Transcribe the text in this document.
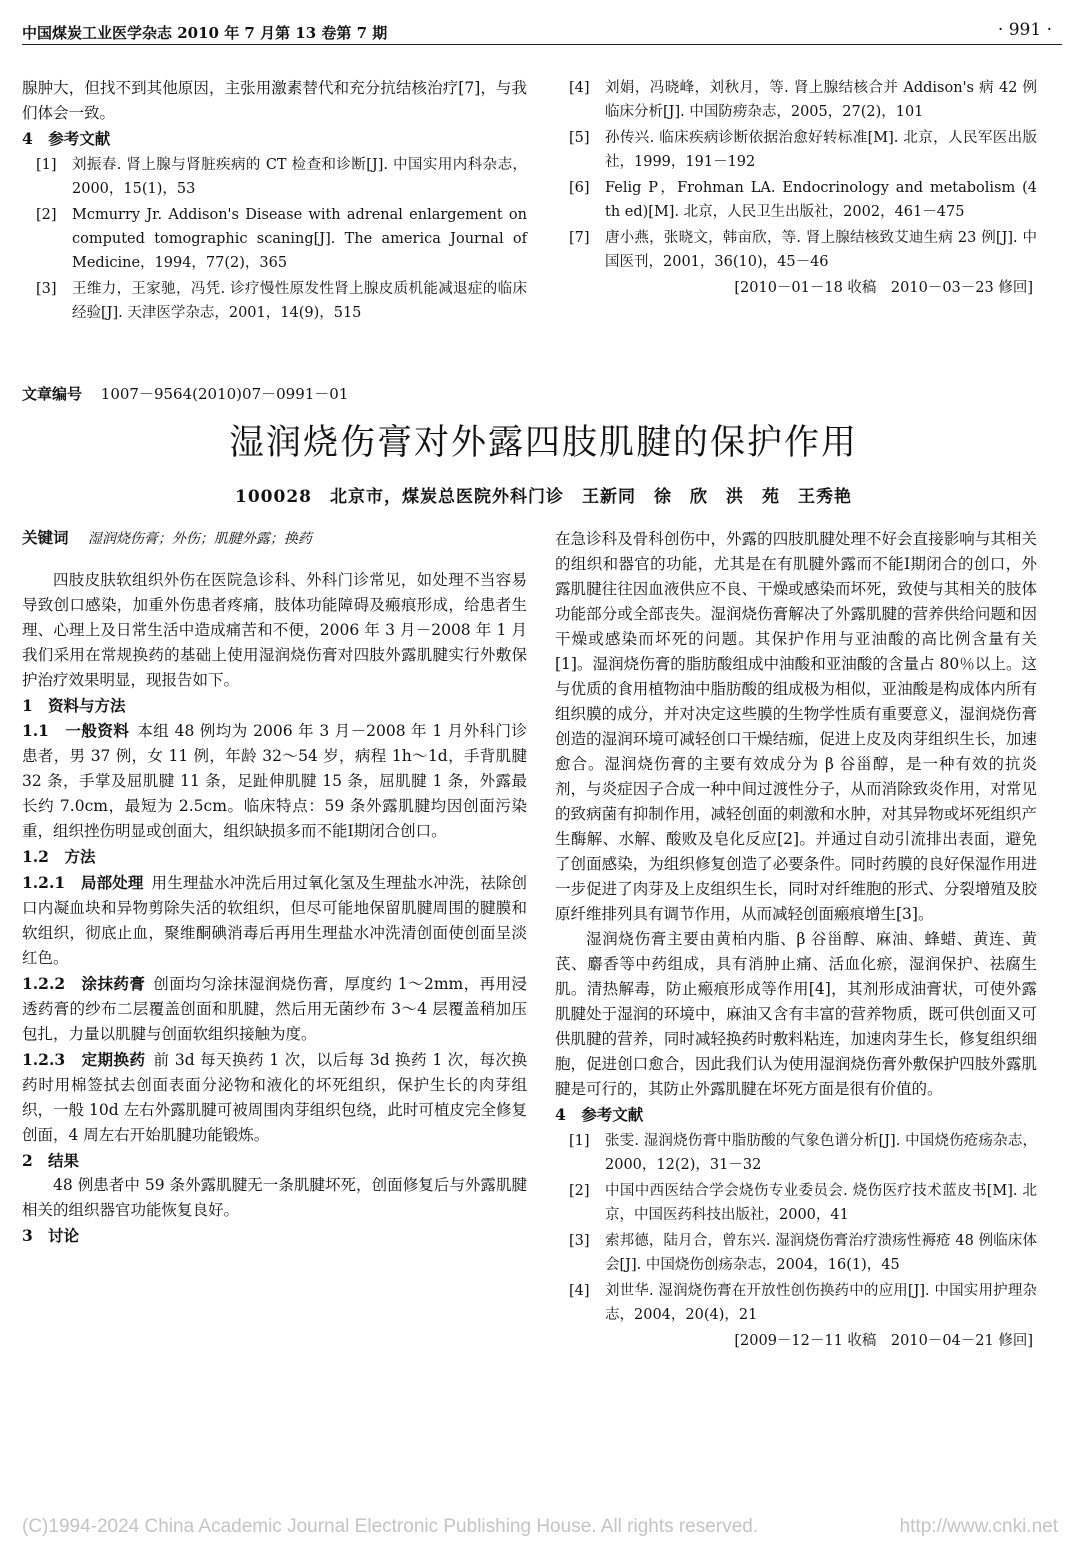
中国煤炭工业医学杂志 2010 年 7 月第 13 卷第 7 期	· 991 ·

腺肿大，但找不到其他原因，主张用激素替代和充分抗结核治疗[7]，与我们体会一致。

4　参考文献

[1]	刘振春. 肾上腺与肾脏疾病的 CT 检查和诊断[J]. 中国实用内科杂志，2000，15(1)，53
[2]	Mcmurry Jr. Addison's Disease with adrenal enlargement on computed tomographic scaning[J]. The america Journal of Medicine，1994，77(2)，365
[3]	王维力，王家驰，冯凭. 诊疗慢性原发性肾上腺皮质机能减退症的临床经验[J]. 天津医学杂志，2001，14(9)，515
[4]	刘娟，冯晓峰，刘秋月，等. 肾上腺结核合并 Addison's 病 42 例临床分析[J]. 中国防痨杂志，2005，27(2)，101
[5]	孙传兴. 临床疾病诊断依据治愈好转标准[M]. 北京，人民军医出版社，1999，191－192
[6]	Felig P，Frohman LA. Endocrinology and metabolism (4 th ed)[M]. 北京，人民卫生出版社，2002，461－475
[7]	唐小燕，张晓文，韩亩欣，等. 肾上腺结核致艾迪生病 23 例[J]. 中国医刊，2001，36(10)，45－46
[2010－01－18 收稿　2010－03－23 修回]
文章编号 1007－9564(2010)07－0991－01
湿润烧伤膏对外露四肢肌腱的保护作用
100028　北京市，煤炭总医院外科门诊　王新同　徐　欣　洪　苑　王秀艳

关键词 湿润烧伤膏；外伤；肌腱外露；换药

四肢皮肤软组织外伤在医院急诊科、外科门诊常见，如处理不当容易导致创口感染，加重外伤患者疼痛，肢体功能障碍及瘢痕形成，给患者生理、心理上及日常生活中造成痛苦和不便，2006 年 3 月－2008 年 1 月我们采用在常规换药的基础上使用湿润烧伤膏对四肢外露肌腱实行外敷保护治疗效果明显，现报告如下。

1 资料与方法

1.1　一般资料 本组 48 例均为 2006 年 3 月－2008 年 1 月外科门诊患者，男 37 例，女 11 例，年龄 32～54 岁，病程 1h～1d，手背肌腱 32 条，手掌及屈肌腱 11 条，足趾伸肌腱 15 条，屈肌腱 1 条，外露最长约 7.0cm，最短为 2.5cm。临床特点：59 条外露肌腱均因创面污染重，组织挫伤明显或创面大，组织缺损多而不能Ⅰ期闭合创口。

1.2　方法

1.2.1　局部处理 用生理盐水冲洗后用过氧化氢及生理盐水冲洗，祛除创口内凝血块和异物剪除失活的软组织，但尽可能地保留肌腱周围的腱膜和软组织，彻底止血，聚维酮碘消毒后再用生理盐水冲洗清创面使创面呈淡红色。

1.2.2　涂抹药膏 创面均匀涂抹湿润烧伤膏，厚度约 1～2mm，再用浸透药膏的纱布二层覆盖创面和肌腱，然后用无菌纱布 3～4 层覆盖稍加压包扎，力量以肌腱与创面软组织接触为度。

1.2.3　定期换药 前 3d 每天换药 1 次，以后每 3d 换药 1 次，每次换药时用棉签拭去创面表面分泌物和液化的坏死组织，保护生长的肉芽组织，一般 10d 左右外露肌腱可被周围肉芽组织包绕，此时可植皮完全修复创面，4 周左右开始肌腱功能锻炼。

2 结果

48 例患者中 59 条外露肌腱无一条肌腱坏死，创面修复后与外露肌腱相关的组织器官功能恢复良好。

3 讨论

在急诊科及骨科创伤中，外露的四肢肌腱处理不好会直接影响与其相关的组织和器官的功能，尤其是在有肌腱外露而不能Ⅰ期闭合的创口，外露肌腱往往因血液供应不良、干燥或感染而坏死，致使与其相关的肢体功能部分或全部丧失。湿润烧伤膏解决了外露肌腱的营养供给问题和因干燥或感染而坏死的问题。其保护作用与亚油酸的高比例含量有关[1]。湿润烧伤膏的脂肪酸组成中油酸和亚油酸的含量占 80％以上。这与优质的食用植物油中脂肪酸的组成极为相似，亚油酸是构成体内所有组织膜的成分，并对决定这些膜的生物学性质有重要意义，湿润烧伤膏创造的湿润环境可减轻创口干燥结痂，促进上皮及肉芽组织生长，加速愈合。湿润烧伤膏的主要有效成分为 β 谷甾醇，是一种有效的抗炎剂，与炎症因子合成一种中间过渡性分子，从而消除致炎作用，对常见的致病菌有抑制作用，减轻创面的刺激和水肿，对其异物或坏死组织产生酶解、水解、酸败及皂化反应[2]。并通过自动引流排出表面，避免了创面感染，为组织修复创造了必要条件。同时药膜的良好保湿作用进一步促进了肉芽及上皮组织生长，同时对纤维胞的形式、分裂增殖及胶原纤维排列具有调节作用，从而减轻创面瘢痕增生[3]。

湿润烧伤膏主要由黄柏内脂、β 谷甾醇、麻油、蜂蜡、黄连、黄芪、麝香等中药组成，具有消肿止痛、活血化瘀，湿润保护、祛腐生肌。清热解毒，防止瘢痕形成等作用[4]，其剂形成油膏状，可使外露肌腱处于湿润的环境中，麻油又含有丰富的营养物质，既可供创面又可供肌腱的营养，同时减轻换药时敷料粘连，加速肉芽生长，修复组织细胞，促进创口愈合，因此我们认为使用湿润烧伤膏外敷保护四肢外露肌腱是可行的，其防止外露肌腱在坏死方面是很有价值的。

4　参考文献

[1]	张雯. 湿润烧伤膏中脂肪酸的气象色谱分析[J]. 中国烧伤疮疡杂志，2000，12(2)，31－32
[2]	中国中西医结合学会烧伤专业委员会. 烧伤医疗技术蓝皮书[M]. 北京，中国医药科技出版社，2000，41
[3]	索邦德，陆月合，曾东兴. 湿润烧伤膏治疗溃疡性褥疮 48 例临床体会[J]. 中国烧伤创疡杂志，2004，16(1)，45
[4]	刘世华. 湿润烧伤膏在开放性创伤换药中的应用[J]. 中国实用护理杂志，2004，20(4)，21
[2009－12－11 收稿　2010－04－21 修回]
(C)1994-2024 China Academic Journal Electronic Publishing House. All rights reserved.	http://www.cnki.net
